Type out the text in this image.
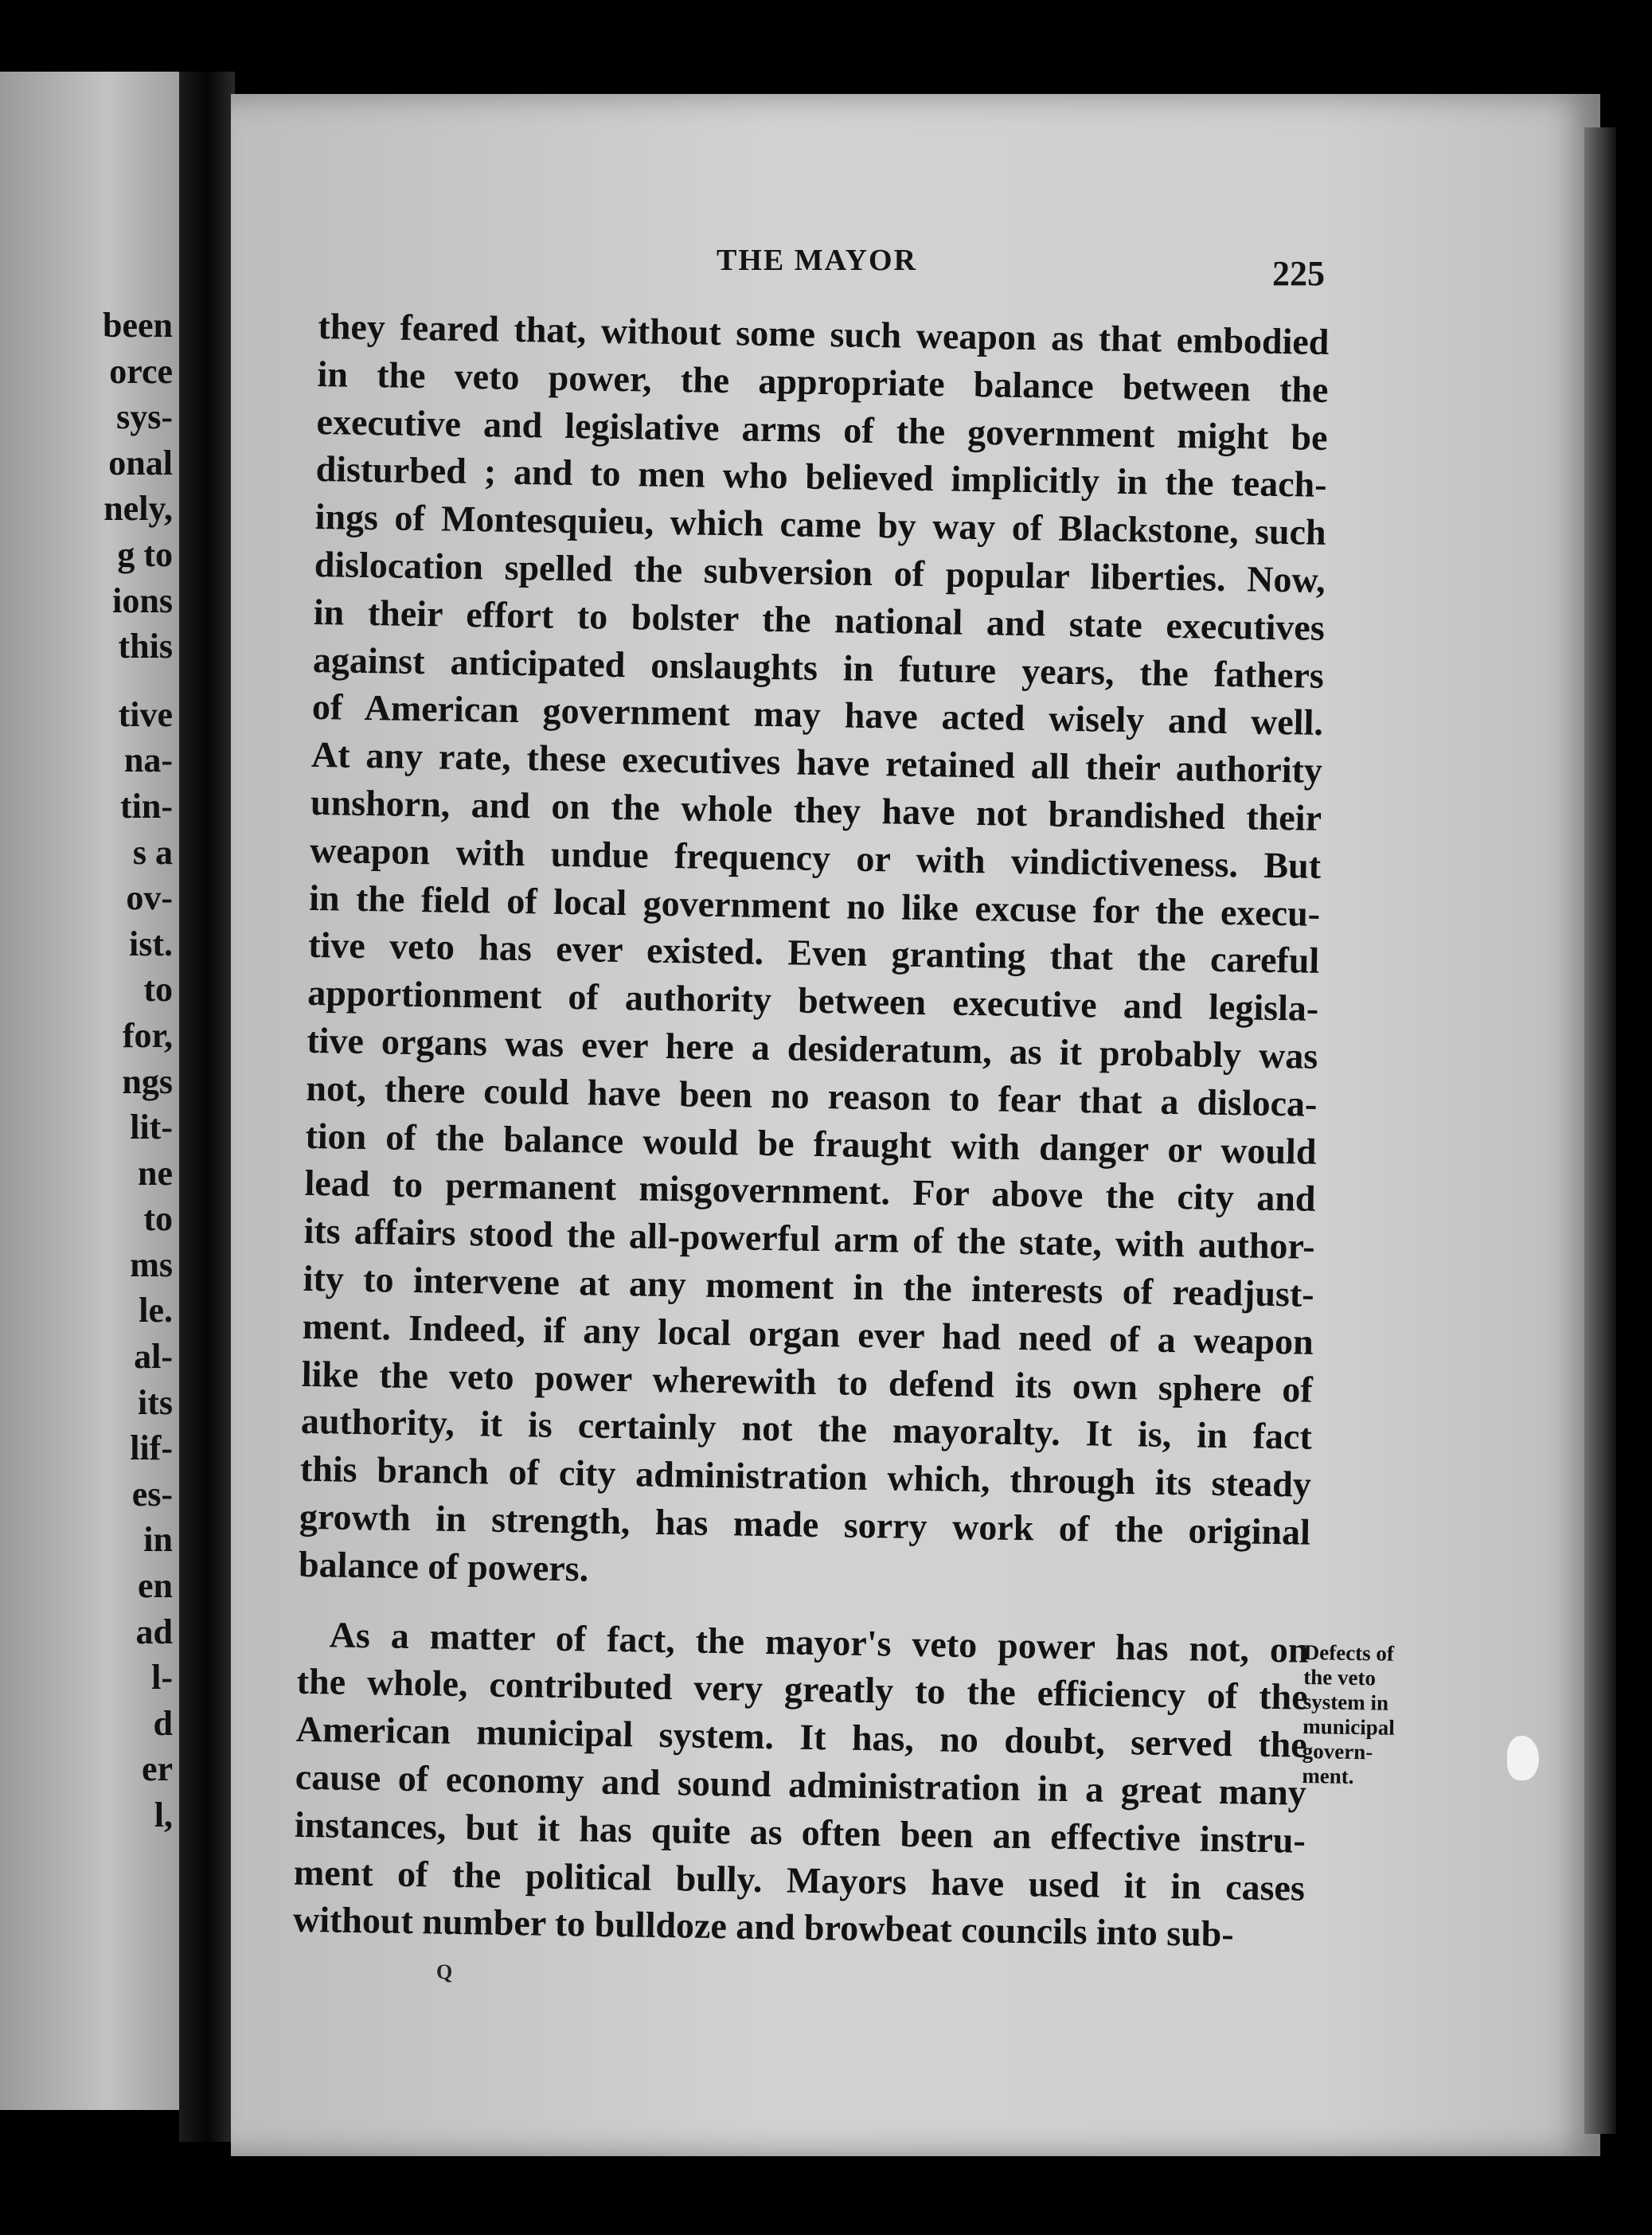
been
orce
sys-
onal
nely,
g to
ions
this
tive
na-
tin-
s a
ov-
ist.
to
for,
ngs
lit-
ne
to
ms
le.
al-
its
lif-
es-
in
en
ad
l-
d
er
l,
THE MAYOR	225
they feared that, without some such weapon as that embodied
in the veto power, the appropriate balance between the
executive and legislative arms of the government might be
disturbed ; and to men who believed implicitly in the teach-
ings of Montesquieu, which came by way of Blackstone, such
dislocation spelled the subversion of popular liberties. Now,
in their effort to bolster the national and state executives
against anticipated onslaughts in future years, the fathers
of American government may have acted wisely and well.
At any rate, these executives have retained all their authority
unshorn, and on the whole they have not brandished their
weapon with undue frequency or with vindictiveness. But
in the field of local government no like excuse for the execu-
tive veto has ever existed. Even granting that the careful
apportionment of authority between executive and legisla-
tive organs was ever here a desideratum, as it probably was
not, there could have been no reason to fear that a disloca-
tion of the balance would be fraught with danger or would
lead to permanent misgovernment. For above the city and
its affairs stood the all-powerful arm of the state, with author-
ity to intervene at any moment in the interests of readjust-
ment. Indeed, if any local organ ever had need of a weapon
like the veto power wherewith to defend its own sphere of
authority, it is certainly not the mayoralty. It is, in fact
this branch of city administration which, through its steady
growth in strength, has made sorry work of the original
balance of powers.
As a matter of fact, the mayor's veto power has not, on
the whole, contributed very greatly to the efficiency of the
American municipal system. It has, no doubt, served the
cause of economy and sound administration in a great many
instances, but it has quite as often been an effective instru-
ment of the political bully. Mayors have used it in cases
without number to bulldoze and browbeat councils into sub-
Defects of
the veto
system in
municipal
govern-
ment.
Q
